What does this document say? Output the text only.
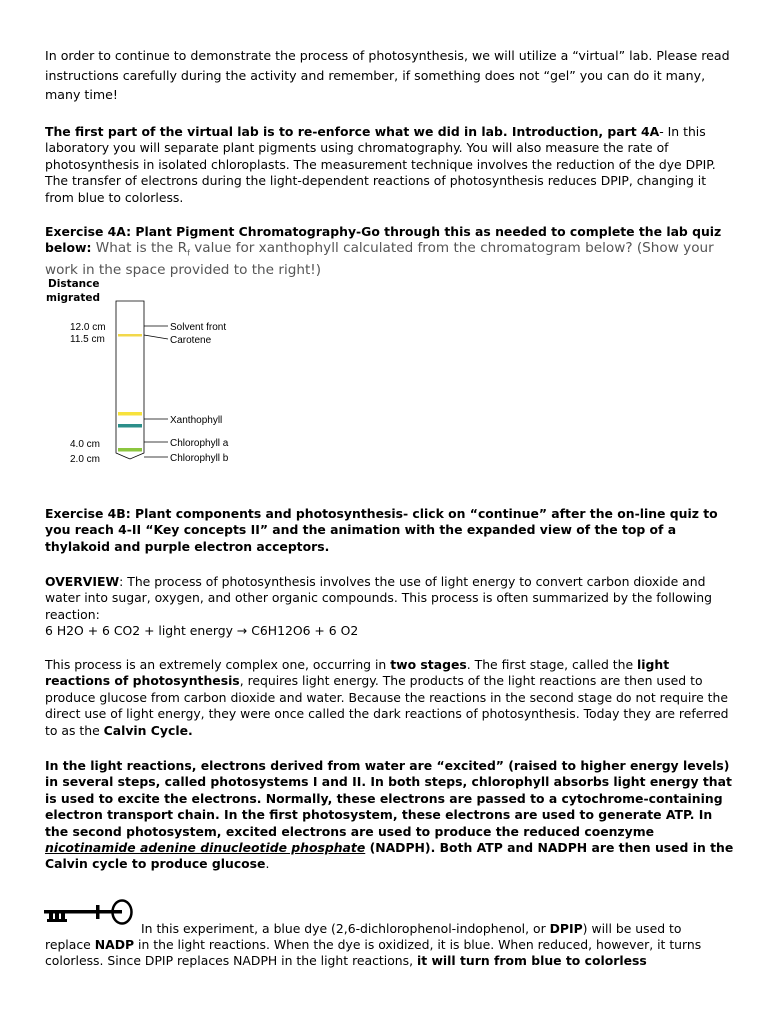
In order to continue to demonstrate the process of photosynthesis, we will utilize a “virtual” lab. Please read instructions carefully during the activity and remember, if something does not “gel” you can do it many, many time!
The first part of the virtual lab is to re-enforce what we did in lab. Introduction, part 4A- In this laboratory you will separate plant pigments using chromatography. You will also measure the rate of photosynthesis in isolated chloroplasts. The measurement technique involves the reduction of the dye DPIP. The transfer of electrons during the light-dependent reactions of photosynthesis reduces DPIP, changing it from blue to colorless.
Exercise 4A: Plant Pigment Chromatography-Go through this as needed to complete the lab quiz below: What is the $R_f$ value for xanthophyll calculated from the chromatogram below? (Show your work in the space provided to the right!)
Distance
migrated
12.0 cm
11.5 cm
4.0 cm
2.0 cm
Solvent front
Carotene
Xanthophyll
Chlorophyll a
Chlorophyll b
Exercise 4B: Plant components and photosynthesis- click on “continue” after the on-line quiz to you reach 4-II “Key concepts II” and the animation with the expanded view of the top of a thylakoid and purple electron acceptors.
OVERVIEW: The process of photosynthesis involves the use of light energy to convert carbon dioxide and water into sugar, oxygen, and other organic compounds. This process is often summarized by the following reaction:
6 H2O + 6 CO2 + light energy → C6H12O6 + 6 O2
This process is an extremely complex one, occurring in two stages. The first stage, called the light reactions of photosynthesis, requires light energy. The products of the light reactions are then used to produce glucose from carbon dioxide and water. Because the reactions in the second stage do not require the direct use of light energy, they were once called the dark reactions of photosynthesis. Today they are referred to as the Calvin Cycle.
In the light reactions, electrons derived from water are “excited” (raised to higher energy levels) in several steps, called photosystems I and II. In both steps, chlorophyll absorbs light energy that is used to excite the electrons. Normally, these electrons are passed to a cytochrome-containing electron transport chain. In the first photosystem, these electrons are used to generate ATP. In the second photosystem, excited electrons are used to produce the reduced coenzyme nicotinamide adenine dinucleotide phosphate (NADPH). Both ATP and NADPH are then used in the Calvin cycle to produce glucose.
In this experiment, a blue dye (2,6-dichlorophenol-indophenol, or DPIP) will be used to
replace NADP in the light reactions. When the dye is oxidized, it is blue. When reduced, however, it turns colorless. Since DPIP replaces NADPH in the light reactions, it will turn from blue to colorless
